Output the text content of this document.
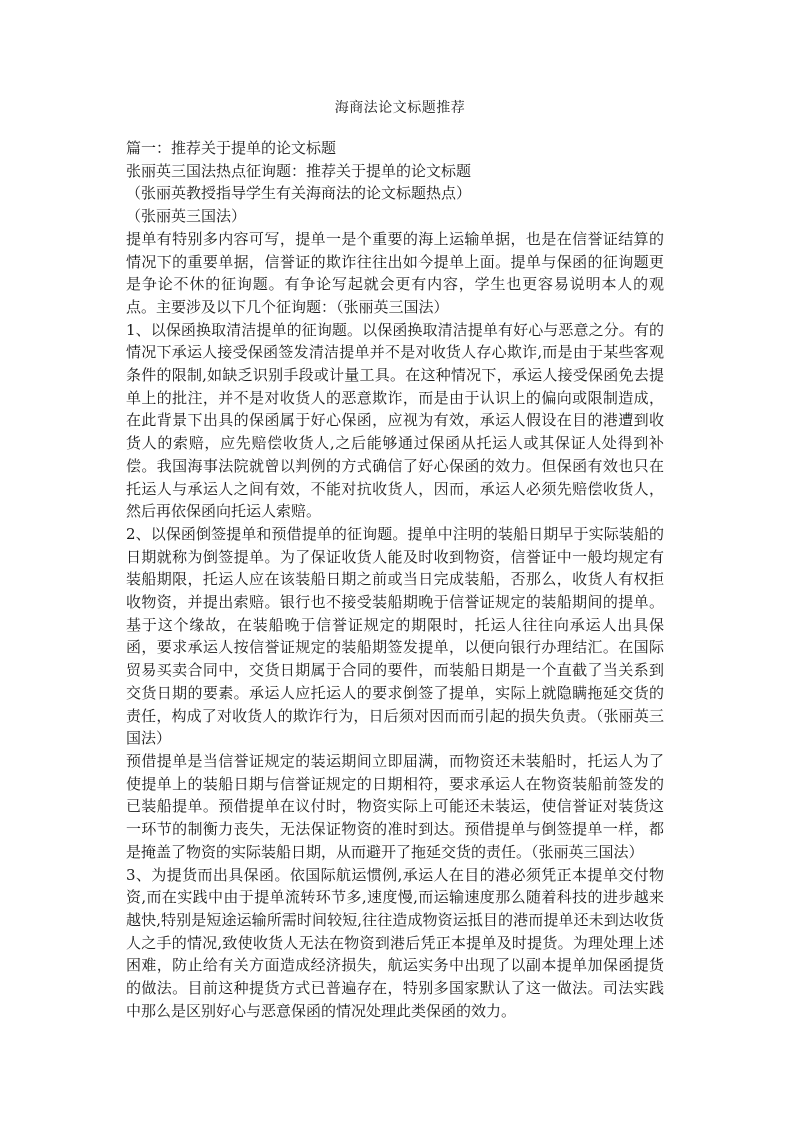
海商法论文标题推荐

篇一：推荐关于提单的论文标题

张丽英三国法热点征询题：推荐关于提单的论文标题

（张丽英教授指导学生有关海商法的论文标题热点）

（张丽英三国法）

提单有特别多内容可写，提单一是个重要的海上运输单据，也是在信誉证结算的情况下的重要单据，信誉证的欺诈往往出如今提单上面。提单与保函的征询题更是争论不休的征询题。有争论写起就会更有内容，学生也更容易说明本人的观点。主要涉及以下几个征询题：（张丽英三国法）

1、以保函换取清洁提单的征询题。以保函换取清洁提单有好心与恶意之分。有的情况下承运人接受保函签发清洁提单并不是对收货人存心欺诈,而是由于某些客观条件的限制,如缺乏识别手段或计量工具。在这种情况下，承运人接受保函免去提单上的批注，并不是对收货人的恶意欺诈，而是由于认识上的偏向或限制造成，在此背景下出具的保函属于好心保函，应视为有效，承运人假设在目的港遭到收货人的索赔，应先赔偿收货人,之后能够通过保函从托运人或其保证人处得到补偿。我国海事法院就曾以判例的方式确信了好心保函的效力。但保函有效也只在托运人与承运人之间有效，不能对抗收货人，因而，承运人必须先赔偿收货人，然后再依保函向托运人索赔。

2、以保函倒签提单和预借提单的征询题。提单中注明的装船日期早于实际装船的日期就称为倒签提单。为了保证收货人能及时收到物资，信誉证中一般均规定有装船期限，托运人应在该装船日期之前或当日完成装船，否那么，收货人有权拒收物资，并提出索赔。银行也不接受装船期晚于信誉证规定的装船期间的提单。基于这个缘故，在装船晚于信誉证规定的期限时，托运人往往向承运人出具保函，要求承运人按信誉证规定的装船期签发提单，以便向银行办理结汇。在国际贸易买卖合同中，交货日期属于合同的要件，而装船日期是一个直截了当关系到交货日期的要素。承运人应托运人的要求倒签了提单，实际上就隐瞒拖延交货的责任，构成了对收货人的欺诈行为，日后须对因而而引起的损失负责。（张丽英三国法）

预借提单是当信誉证规定的装运期间立即届满，而物资还未装船时，托运人为了使提单上的装船日期与信誉证规定的日期相符，要求承运人在物资装船前签发的已装船提单。预借提单在议付时，物资实际上可能还未装运，使信誉证对装货这一环节的制衡力丧失，无法保证物资的准时到达。预借提单与倒签提单一样，都是掩盖了物资的实际装船日期，从而避开了拖延交货的责任。（张丽英三国法）

3、为提货而出具保函。依国际航运惯例,承运人在目的港必须凭正本提单交付物资,而在实践中由于提单流转环节多,速度慢,而运输速度那么随着科技的进步越来越快,特别是短途运输所需时间较短,往往造成物资运抵目的港而提单还未到达收货人之手的情况,致使收货人无法在物资到港后凭正本提单及时提货。为理处理上述困难，防止给有关方面造成经济损失，航运实务中出现了以副本提单加保函提货的做法。目前这种提货方式已普遍存在，特别多国家默认了这一做法。司法实践中那么是区别好心与恶意保函的情况处理此类保函的效力。
